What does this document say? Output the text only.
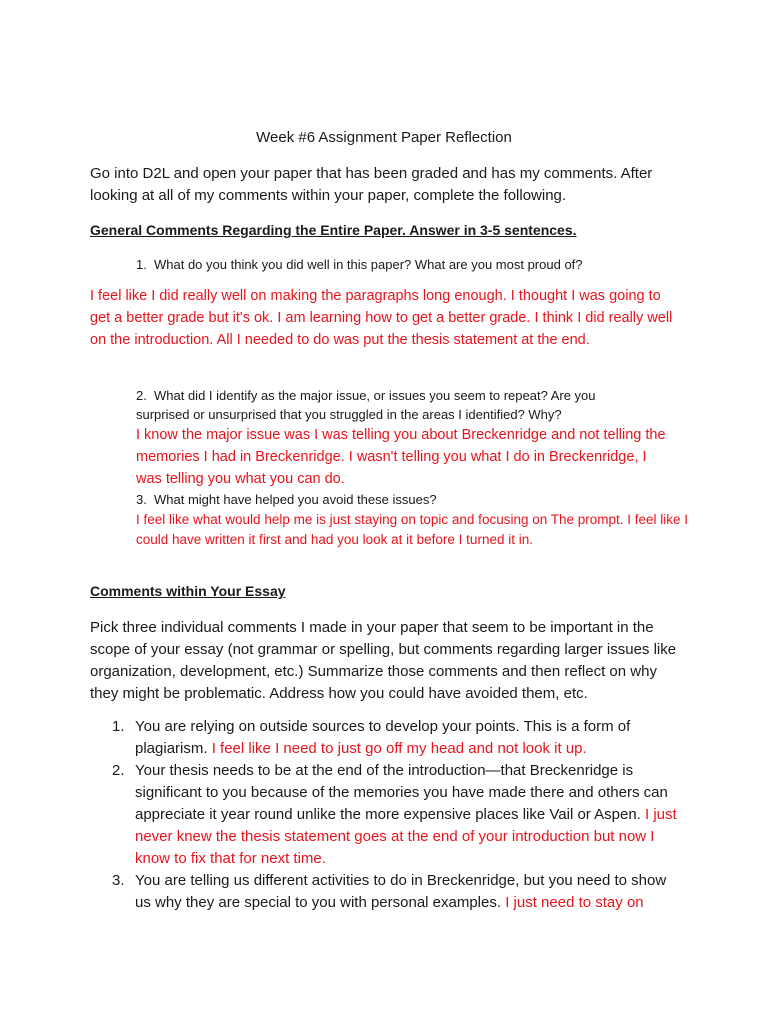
Week #6 Assignment Paper Reflection
Go into D2L and open your paper that has been graded and has my comments. After looking at all of my comments within your paper, complete the following.
General Comments Regarding the Entire Paper. Answer in 3-5 sentences.
1. What do you think you did well in this paper? What are you most proud of?
I feel like I did really well on making the paragraphs long enough. I thought I was going to get a better grade but it's ok. I am learning how to get a better grade. I think I did really well on the introduction. All I needed to do was put the thesis statement at the end.
2. What did I identify as the major issue, or issues you seem to repeat? Are you surprised or unsurprised that you struggled in the areas I identified? Why?
I know the major issue was I was telling you about Breckenridge and not telling the memories I had in Breckenridge. I wasn't telling you what I do in Breckenridge, I was telling you what you can do.
3. What might have helped you avoid these issues?
I feel like what would help me is just staying on topic and focusing on The prompt. I feel like I could have written it first and had you look at it before I turned it in.
Comments within Your Essay
Pick three individual comments I made in your paper that seem to be important in the scope of your essay (not grammar or spelling, but comments regarding larger issues like organization, development, etc.) Summarize those comments and then reflect on why they might be problematic. Address how you could have avoided them, etc.
1. You are relying on outside sources to develop your points. This is a form of plagiarism. I feel like I need to just go off my head and not look it up.
2. Your thesis needs to be at the end of the introduction—that Breckenridge is significant to you because of the memories you have made there and others can appreciate it year round unlike the more expensive places like Vail or Aspen. I just never knew the thesis statement goes at the end of your introduction but now I know to fix that for next time.
3. You are telling us different activities to do in Breckenridge, but you need to show us why they are special to you with personal examples. I just need to stay on
